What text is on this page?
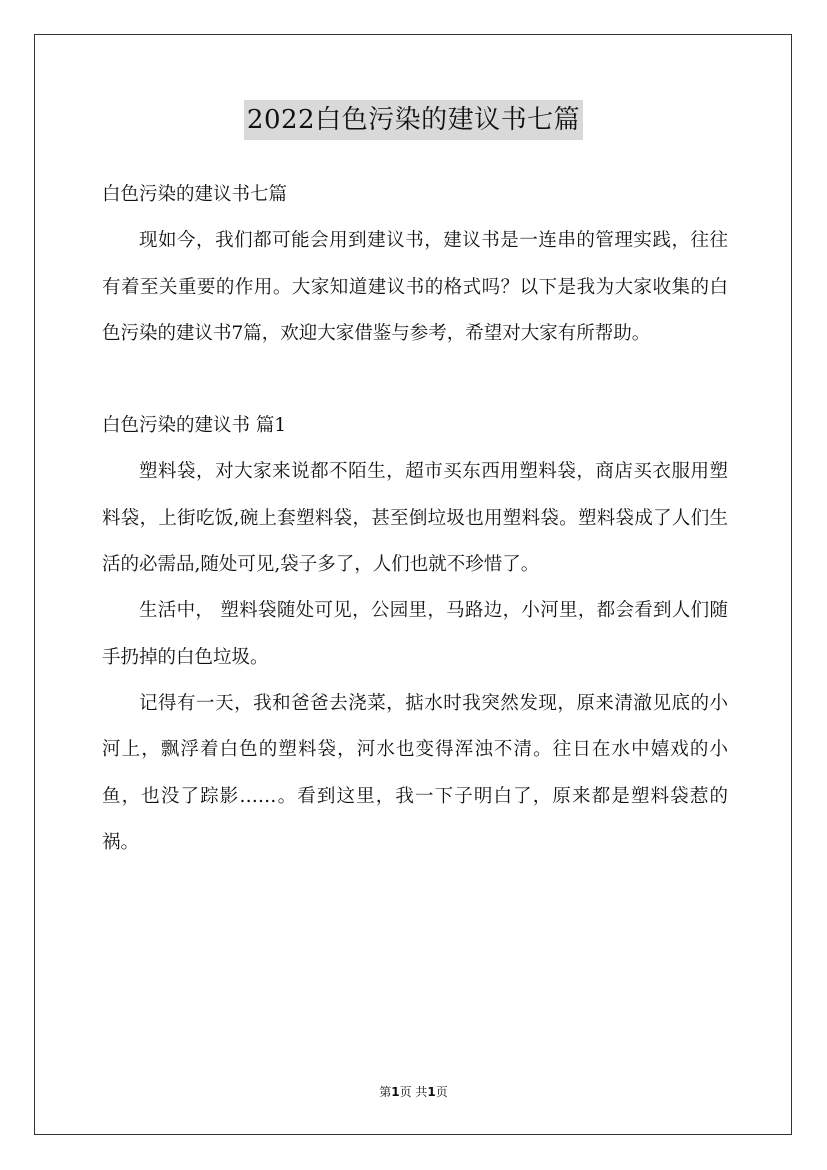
2022白色污染的建议书七篇

白色污染的建议书七篇

现如今，我们都可能会用到建议书，建议书是一连串的管理实践，往往有着至关重要的作用。大家知道建议书的格式吗？以下是我为大家收集的白色污染的建议书7篇，欢迎大家借鉴与参考，希望对大家有所帮助。

白色污染的建议书 篇1

塑料袋，对大家来说都不陌生，超市买东西用塑料袋，商店买衣服用塑料袋，上街吃饭,碗上套塑料袋，甚至倒垃圾也用塑料袋。塑料袋成了人们生活的必需品,随处可见,袋子多了，人们也就不珍惜了。

生活中， 塑料袋随处可见，公园里，马路边，小河里，都会看到人们随手扔掉的白色垃圾。

记得有一天，我和爸爸去浇菜，掂水时我突然发现，原来清澈见底的小河上，飘浮着白色的塑料袋，河水也变得浑浊不清。往日在水中嬉戏的小鱼，也没了踪影……。看到这里，我一下子明白了，原来都是塑料袋惹的祸。

第1页 共1页
